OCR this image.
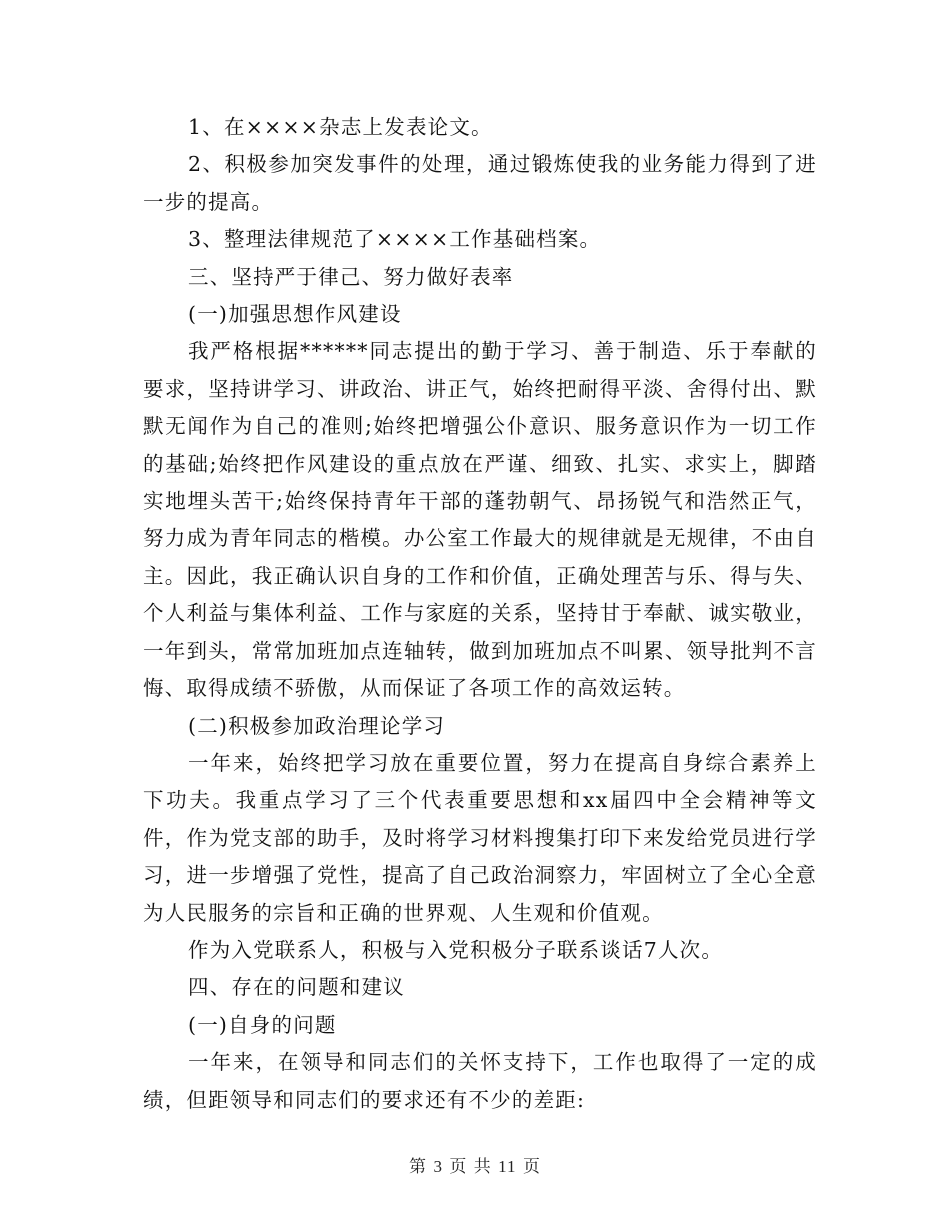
1、在××××杂志上发表论文。

2、积极参加突发事件的处理，通过锻炼使我的业务能力得到了进一步的提高。

3、整理法律规范了××××工作基础档案。

三、坚持严于律己、努力做好表率

(一)加强思想作风建设

我严格根据******同志提出的勤于学习、善于制造、乐于奉献的要求，坚持讲学习、讲政治、讲正气，始终把耐得平淡、舍得付出、默默无闻作为自己的准则;始终把增强公仆意识、服务意识作为一切工作的基础;始终把作风建设的重点放在严谨、细致、扎实、求实上，脚踏实地埋头苦干;始终保持青年干部的蓬勃朝气、昂扬锐气和浩然正气，努力成为青年同志的楷模。办公室工作最大的规律就是无规律，不由自主。因此，我正确认识自身的工作和价值，正确处理苦与乐、得与失、个人利益与集体利益、工作与家庭的关系，坚持甘于奉献、诚实敬业，一年到头，常常加班加点连轴转，做到加班加点不叫累、领导批判不言悔、取得成绩不骄傲，从而保证了各项工作的高效运转。

(二)积极参加政治理论学习

一年来，始终把学习放在重要位置，努力在提高自身综合素养上下功夫。我重点学习了三个代表重要思想和xx届四中全会精神等文件，作为党支部的助手，及时将学习材料搜集打印下来发给党员进行学习，进一步增强了党性，提高了自己政治洞察力，牢固树立了全心全意为人民服务的宗旨和正确的世界观、人生观和价值观。

作为入党联系人，积极与入党积极分子联系谈话7人次。

四、存在的问题和建议

(一)自身的问题

一年来，在领导和同志们的关怀支持下，工作也取得了一定的成绩，但距领导和同志们的要求还有不少的差距:

第 3 页 共 11 页
